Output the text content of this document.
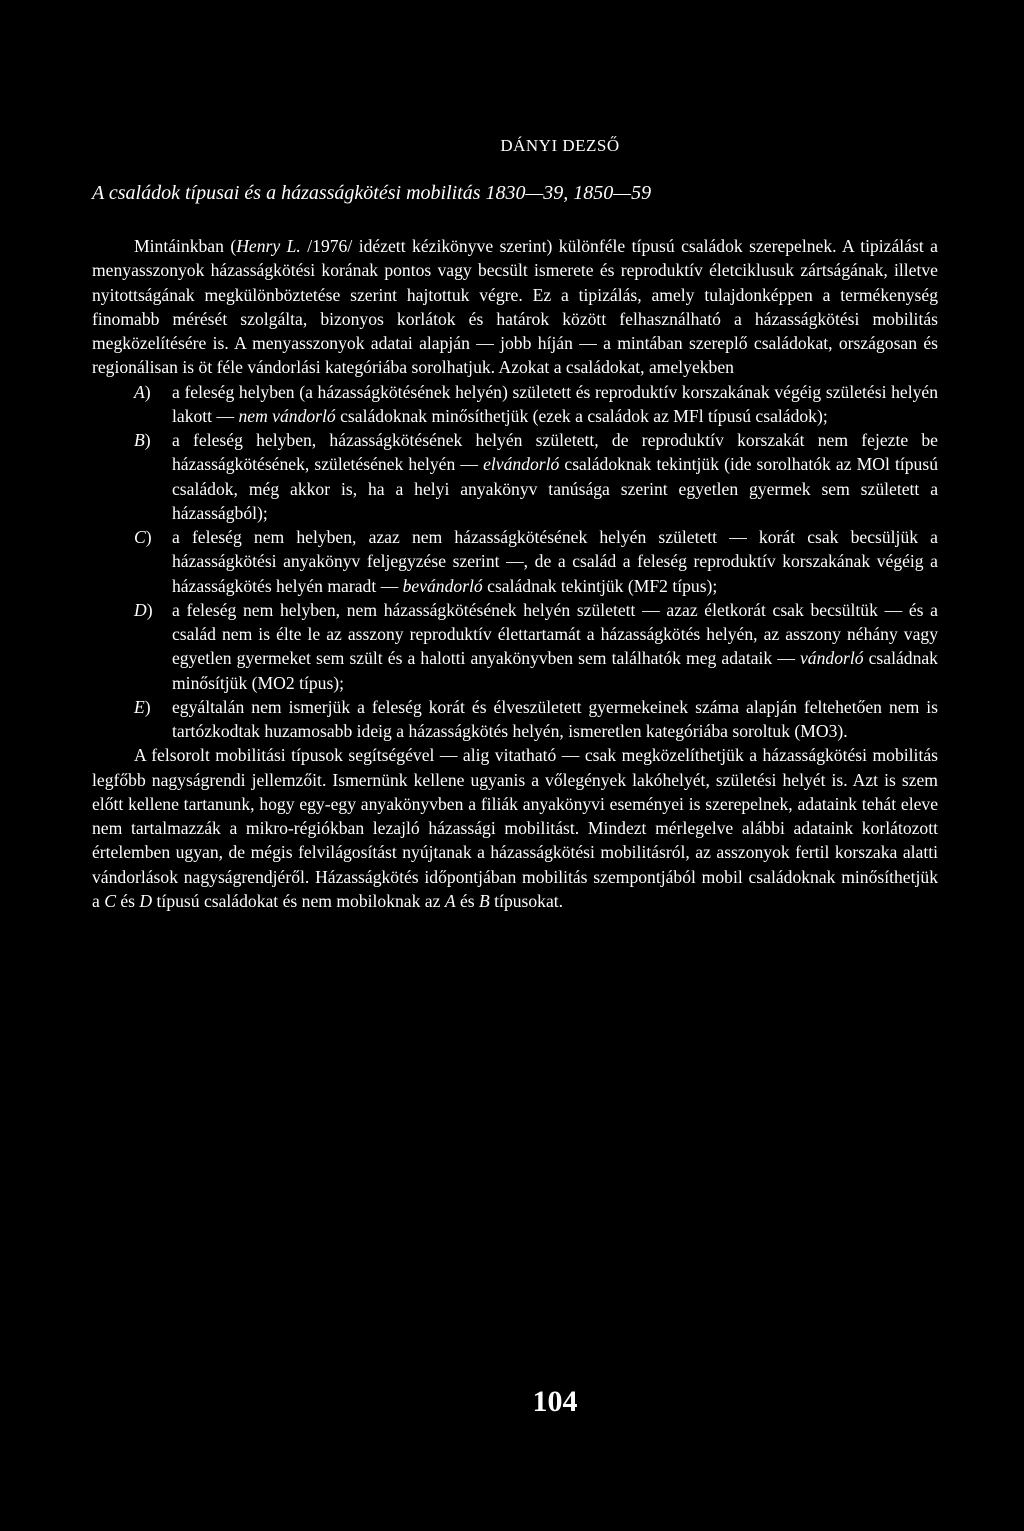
DÁNYI DEZSŐ
A családok típusai és a házasságkötési mobilitás 1830—39, 1850—59

Mintáinkban (Henry L. /1976/ idézett kézikönyve szerint) különféle típusú családok szerepelnek. A tipizálást a menyasszonyok házasságkötési korának pontos vagy becsült ismerete és reproduktív életciklusuk zártságának, illetve nyitottságának megkülönböztetése szerint hajtottuk végre. Ez a tipizálás, amely tulajdonképpen a termékenység finomabb mérését szolgálta, bizonyos korlátok és határok között felhasználható a házasságkötési mobilitás megközelítésére is. A menyasszonyok adatai alapján — jobb híján — a mintában szereplő családokat, országosan és regionálisan is öt féle vándorlási kategóriába sorolhatjuk. Azokat a családokat, amelyekben

A)	a feleség helyben (a házasságkötésének helyén) született és reproduktív korszakának végéig születési helyén lakott — nem vándorló családoknak minősíthetjük (ezek a családok az MFl típusú családok);
B)	a feleség helyben, házasságkötésének helyén született, de reproduktív korszakát nem fejezte be házasságkötésének, születésének helyén — elvándorló családoknak tekintjük (ide sorolhatók az MOl típusú családok, még akkor is, ha a helyi anyakönyv tanúsága szerint egyetlen gyermek sem született a házasságból);
C)	a feleség nem helyben, azaz nem házasságkötésének helyén született — korát csak becsüljük a házasságkötési anyakönyv feljegyzése szerint —, de a család a feleség reproduktív korszakának végéig a házasságkötés helyén maradt — bevándorló családnak tekintjük (MF2 típus);
D)	a feleség nem helyben, nem házasságkötésének helyén született — azaz életkorát csak becsültük — és a család nem is élte le az asszony reproduktív élettartamát a házasságkötés helyén, az asszony néhány vagy egyetlen gyermeket sem szült és a halotti anyakönyvben sem találhatók meg adataik — vándorló családnak minősítjük (MO2 típus);
E)	egyáltalán nem ismerjük a feleség korát és élveszületett gyermekeinek száma alapján feltehetően nem is tartózkodtak huzamosabb ideig a házasságkötés helyén, ismeretlen kategóriába soroltuk (MO3).

A felsorolt mobilitási típusok segítségével — alig vitatható — csak megközelíthetjük a házasságkötési mobilitás legfőbb nagyságrendi jellemzőit. Ismernünk kellene ugyanis a vőlegények lakóhelyét, születési helyét is. Azt is szem előtt kellene tartanunk, hogy egy-egy anyakönyvben a filiák anyakönyvi eseményei is szerepelnek, adataink tehát eleve nem tartalmazzák a mikro-régiókban lezajló házassági mobilitást. Mindezt mérlegelve alábbi adataink korlátozott értelemben ugyan, de mégis felvilágosítást nyújtanak a házasságkötési mobilitásról, az asszonyok fertil korszaka alatti vándorlások nagyságrendjéről. Házasságkötés időpontjában mobilitás szempontjából mobil családoknak minősíthetjük a C és D típusú családokat és nem mobiloknak az A és B típusokat.

104
